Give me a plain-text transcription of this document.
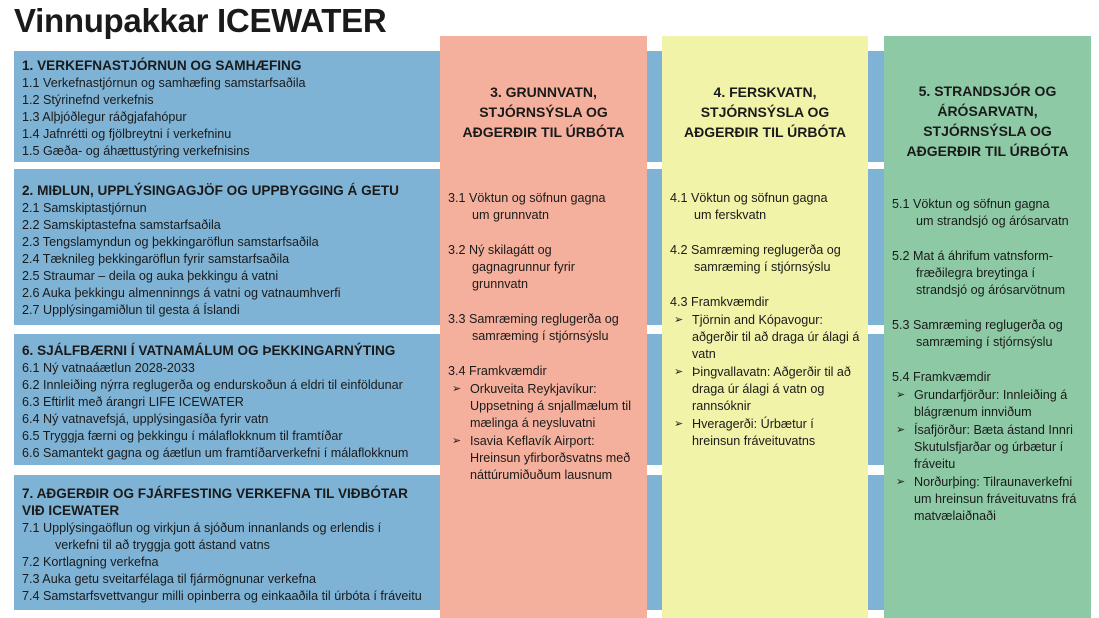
Vinnupakkar ICEWATER
1. VERKEFNASTJÓRNUN OG SAMHÆFING
1.1 Verkefnastjórnun og samhæfing samstarfsaðila
1.2 Stýrinefnd verkefnis
1.3 Alþjóðlegur ráðgjafahópur
1.4 Jafnrétti og fjölbreytni í verkefninu
1.5 Gæða- og áhættustýring verkefnisins
2. MIÐLUN, UPPLÝSINGAGJÖF OG UPPBYGGING Á GETU
2.1 Samskiptastjórnun
2.2 Samskiptastefna samstarfsaðila
2.3 Tengslamyndun og þekkingaröflun samstarfsaðila
2.4 Tæknileg þekkingaröflun fyrir samstarfsaðila
2.5 Straumar – deila og auka þekkingu á vatni
2.6 Auka þekkingu almenninngs á vatni og vatnaumhverfi
2.7 Upplýsingamiðlun til gesta á Íslandi
6. SJÁLFBÆRNI Í VATNAMÁLUM OG ÞEKKINGARNÝTING
6.1 Ný vatnaáætlun 2028-2033
6.2 Innleiðing nýrra reglugerða og endurskoðun á eldri til einföldunar
6.3 Eftirlit með árangri LIFE ICEWATER
6.4 Ný vatnavefsjá, upplýsingasíða fyrir vatn
6.5 Tryggja færni og þekkingu í málaflokknum til framtíðar
6.6 Samantekt gagna og áætlun um framtíðarverkefni í málaflokknum
7. AÐGERÐIR OG FJÁRFESTING VERKEFNA TIL VIÐBÓTAR VIÐ ICEWATER
7.1 Upplýsingaöflun og virkjun á sjóðum innanlands og erlendis í
verkefni til að tryggja gott ástand vatns
7.2 Kortlagning verkefna
7.3 Auka getu sveitarfélaga til fjármögnunar verkefna
7.4 Samstarfsvettvangur milli opinberra og einkaaðila til úrbóta í fráveitu
3. GRUNNVATN, STJÓRNSÝSLA OG AÐGERÐIR TIL ÚRBÓTA
3.1 Vöktun og söfnun gagna
um grunnvatn
3.2 Ný skilagátt og
gagnagrunnur fyrir
grunnvatn
3.3 Samræming reglugerða og
samræming í stjórnsýslu
3.4 Framkvæmdir
➢ Orkuveita Reykjavíkur: Uppsetning á snjallmælum til mælinga á neysluvatni
➢ Isavia Keflavík Airport: Hreinsun yfirborðsvatns með náttúrumiðuðum lausnum
4. FERSKVATN, STJÓRNSÝSLA OG AÐGERÐIR TIL ÚRBÓTA
4.1 Vöktun og söfnun gagna
um ferskvatn
4.2 Samræming reglugerða og
samræming í stjórnsýslu
4.3 Framkvæmdir
➢ Tjörnin and Kópavogur: aðgerðir til að draga úr álagi á vatn
➢ Þingvallavatn: Aðgerðir til að draga úr álagi á vatn og rannsóknir
➢ Hveragerði: Úrbætur í hreinsun fráveituvatns
5. STRANDSJÓR OG ÁRÓSARVATN, STJÓRNSÝSLA OG AÐGERÐIR TIL ÚRBÓTA
5.1 Vöktun og söfnun gagna
um strandsjó og árósarvatn
5.2 Mat á áhrifum vatnsform-
fræðilegra breytinga í
strandsjó og árósarvötnum
5.3 Samræming reglugerða og
samræming í stjórnsýslu
5.4 Framkvæmdir
➢ Grundarfjörður: Innleiðing á blágrænum innviðum
➢ Ísafjörður: Bæta ástand Innri Skutulsfjarðar og úrbætur í fráveitu
➢ Norðurþing: Tilraunaverkefni um hreinsun fráveituvatns frá matvælaiðnaði
